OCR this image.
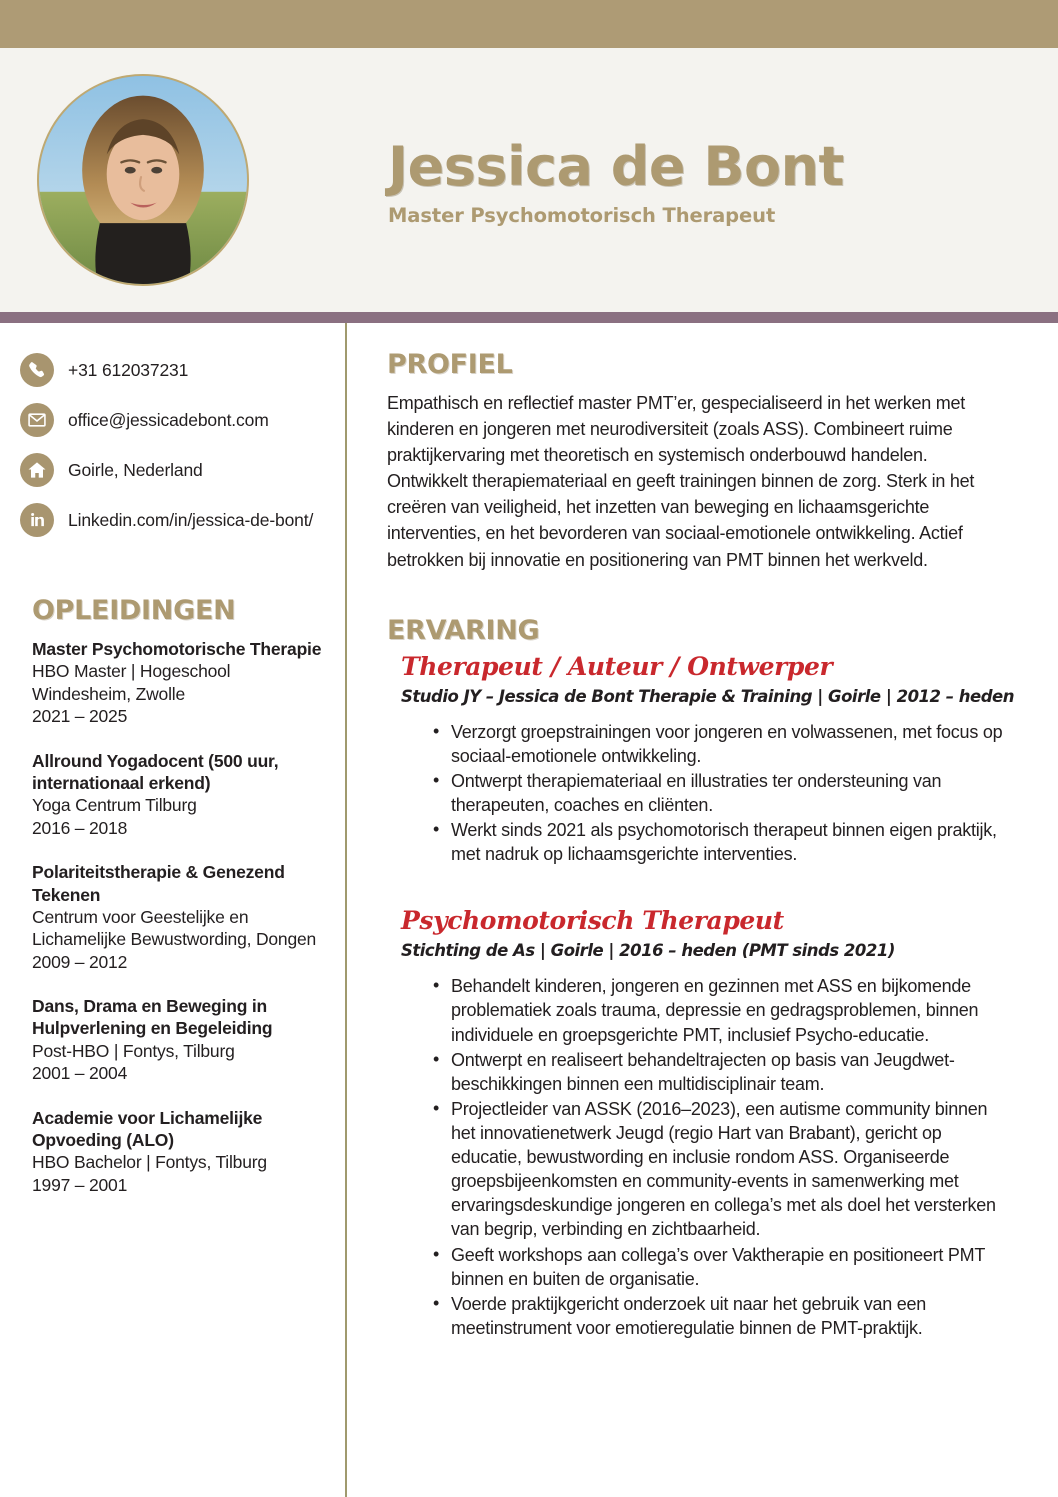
Jessica de Bont
Master Psychomotorisch Therapeut
+31 612037231
office@jessicadebont.com
Goirle, Nederland
Linkedin.com/in/jessica-de-bont/
OPLEIDINGEN
Master Psychomotorische Therapie
HBO Master | Hogeschool Windesheim, Zwolle
2021 – 2025
Allround Yogadocent (500 uur, internationaal erkend)
Yoga Centrum Tilburg
2016 – 2018
Polariteitstherapie & Genezend Tekenen
Centrum voor Geestelijke en Lichamelijke Bewustwording, Dongen
2009 – 2012
Dans, Drama en Beweging in Hulpverlening en Begeleiding
Post-HBO | Fontys, Tilburg
2001 – 2004
Academie voor Lichamelijke Opvoeding (ALO)
HBO Bachelor | Fontys, Tilburg
1997 – 2001
PROFIEL

Empathisch en reflectief master PMT’er, gespecialiseerd in het werken met kinderen en jongeren met neurodiversiteit (zoals ASS). Combineert ruime praktijkervaring met theoretisch en systemisch onderbouwd handelen. Ontwikkelt therapiemateriaal en geeft trainingen binnen de zorg. Sterk in het creëren van veiligheid, het inzetten van beweging en lichaamsgerichte interventies, en het bevorderen van sociaal-emotionele ontwikkeling. Actief betrokken bij innovatie en positionering van PMT binnen het werkveld.

ERVARING
Therapeut / Auteur / Ontwerper
Studio JY – Jessica de Bont Therapie & Training | Goirle | 2012 – heden
• Verzorgt groepstrainingen voor jongeren en volwassenen, met focus op sociaal-emotionele ontwikkeling.
• Ontwerpt therapiemateriaal en illustraties ter ondersteuning van therapeuten, coaches en cliënten.
• Werkt sinds 2021 als psychomotorisch therapeut binnen eigen praktijk, met nadruk op lichaamsgerichte interventies.
Psychomotorisch Therapeut
Stichting de As | Goirle | 2016 – heden (PMT sinds 2021)
• Behandelt kinderen, jongeren en gezinnen met ASS en bijkomende problematiek zoals trauma, depressie en gedragsproblemen, binnen individuele en groepsgerichte PMT, inclusief Psycho-educatie.
• Ontwerpt en realiseert behandeltrajecten op basis van Jeugdwet-beschikkingen binnen een multidisciplinair team.
• Projectleider van ASSK (2016–2023), een autisme community binnen het innovatienetwerk Jeugd (regio Hart van Brabant), gericht op educatie, bewustwording en inclusie rondom ASS. Organiseerde groepsbijeenkomsten en community-events in samenwerking met ervaringsdeskundige jongeren en collega’s met als doel het versterken van begrip, verbinding en zichtbaarheid.
• Geeft workshops aan collega’s over Vaktherapie en positioneert PMT binnen en buiten de organisatie.
• Voerde praktijkgericht onderzoek uit naar het gebruik van een meetinstrument voor emotieregulatie binnen de PMT-praktijk.
